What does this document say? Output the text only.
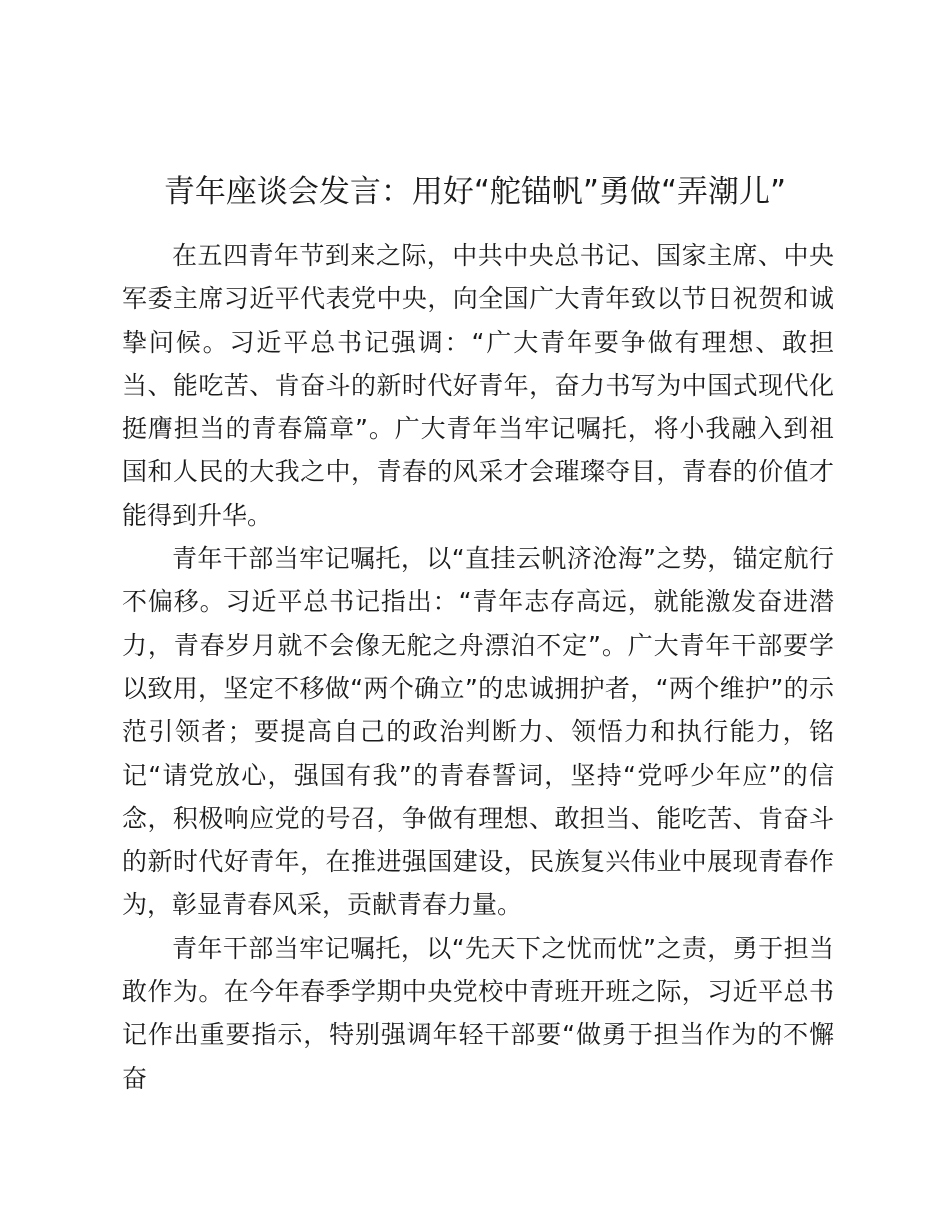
青年座谈会发言：用好“舵锚帆”勇做“弄潮儿”

在五四青年节到来之际，中共中央总书记、国家主席、中央军委主席习近平代表党中央，向全国广大青年致以节日祝贺和诚挚问候。习近平总书记强调：“广大青年要争做有理想、敢担当、能吃苦、肯奋斗的新时代好青年，奋力书写为中国式现代化挺膺担当的青春篇章”。广大青年当牢记嘱托，将小我融入到祖国和人民的大我之中，青春的风采才会璀璨夺目，青春的价值才能得到升华。

青年干部当牢记嘱托，以“直挂云帆济沧海”之势，锚定航行不偏移。习近平总书记指出：“青年志存高远，就能激发奋进潜力，青春岁月就不会像无舵之舟漂泊不定”。广大青年干部要学以致用，坚定不移做“两个确立”的忠诚拥护者，“两个维护”的示范引领者；要提高自己的政治判断力、领悟力和执行能力，铭记“请党放心，强国有我”的青春誓词，坚持“党呼少年应”的信念，积极响应党的号召，争做有理想、敢担当、能吃苦、肯奋斗的新时代好青年，在推进强国建设，民族复兴伟业中展现青春作为，彰显青春风采，贡献青春力量。

青年干部当牢记嘱托，以“先天下之忧而忧”之责，勇于担当敢作为。在今年春季学期中央党校中青班开班之际，习近平总书记作出重要指示，特别强调年轻干部要“做勇于担当作为的不懈奋
